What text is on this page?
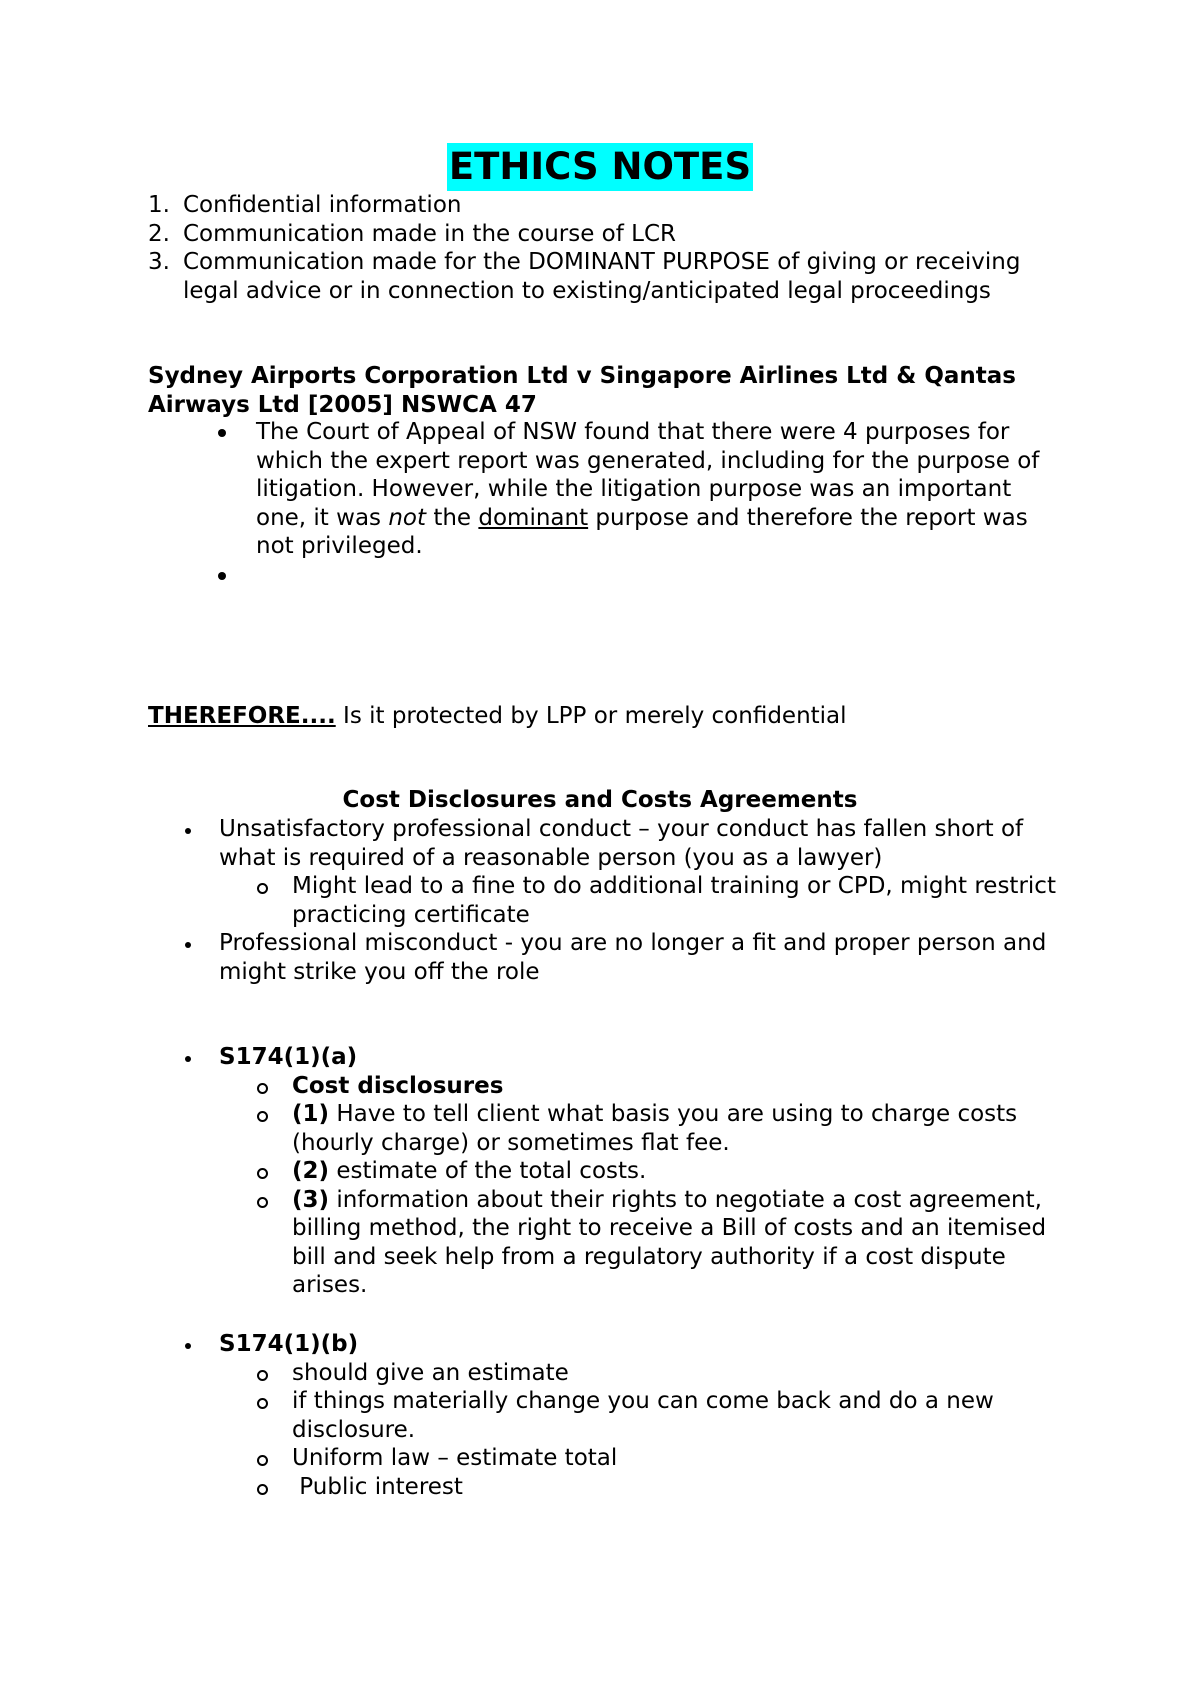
ETHICS NOTES
1. Confidential information
2. Communication made in the course of LCR
3. Communication made for the DOMINANT PURPOSE of giving or receiving legal advice or in connection to existing/anticipated legal proceedings
Sydney Airports Corporation Ltd v Singapore Airlines Ltd & Qantas Airways Ltd [2005] NSWCA 47
The Court of Appeal of NSW found that there were 4 purposes for which the expert report was generated, including for the purpose of litigation. However, while the litigation purpose was an important one, it was not the dominant purpose and therefore the report was not privileged.
THEREFORE.... Is it protected by LPP or merely confidential
Cost Disclosures and Costs Agreements
Unsatisfactory professional conduct – your conduct has fallen short of what is required of a reasonable person (you as a lawyer)
Might lead to a fine to do additional training or CPD, might restrict practicing certificate
Professional misconduct - you are no longer a fit and proper person and might strike you off the role
S174(1)(a)
Cost disclosures
(1) Have to tell client what basis you are using to charge costs (hourly charge) or sometimes flat fee.
(2) estimate of the total costs.
(3) information about their rights to negotiate a cost agreement, billing method, the right to receive a Bill of costs and an itemised bill and seek help from a regulatory authority if a cost dispute arises.
S174(1)(b)
should give an estimate
if things materially change you can come back and do a new disclosure.
Uniform law – estimate total
Public interest
